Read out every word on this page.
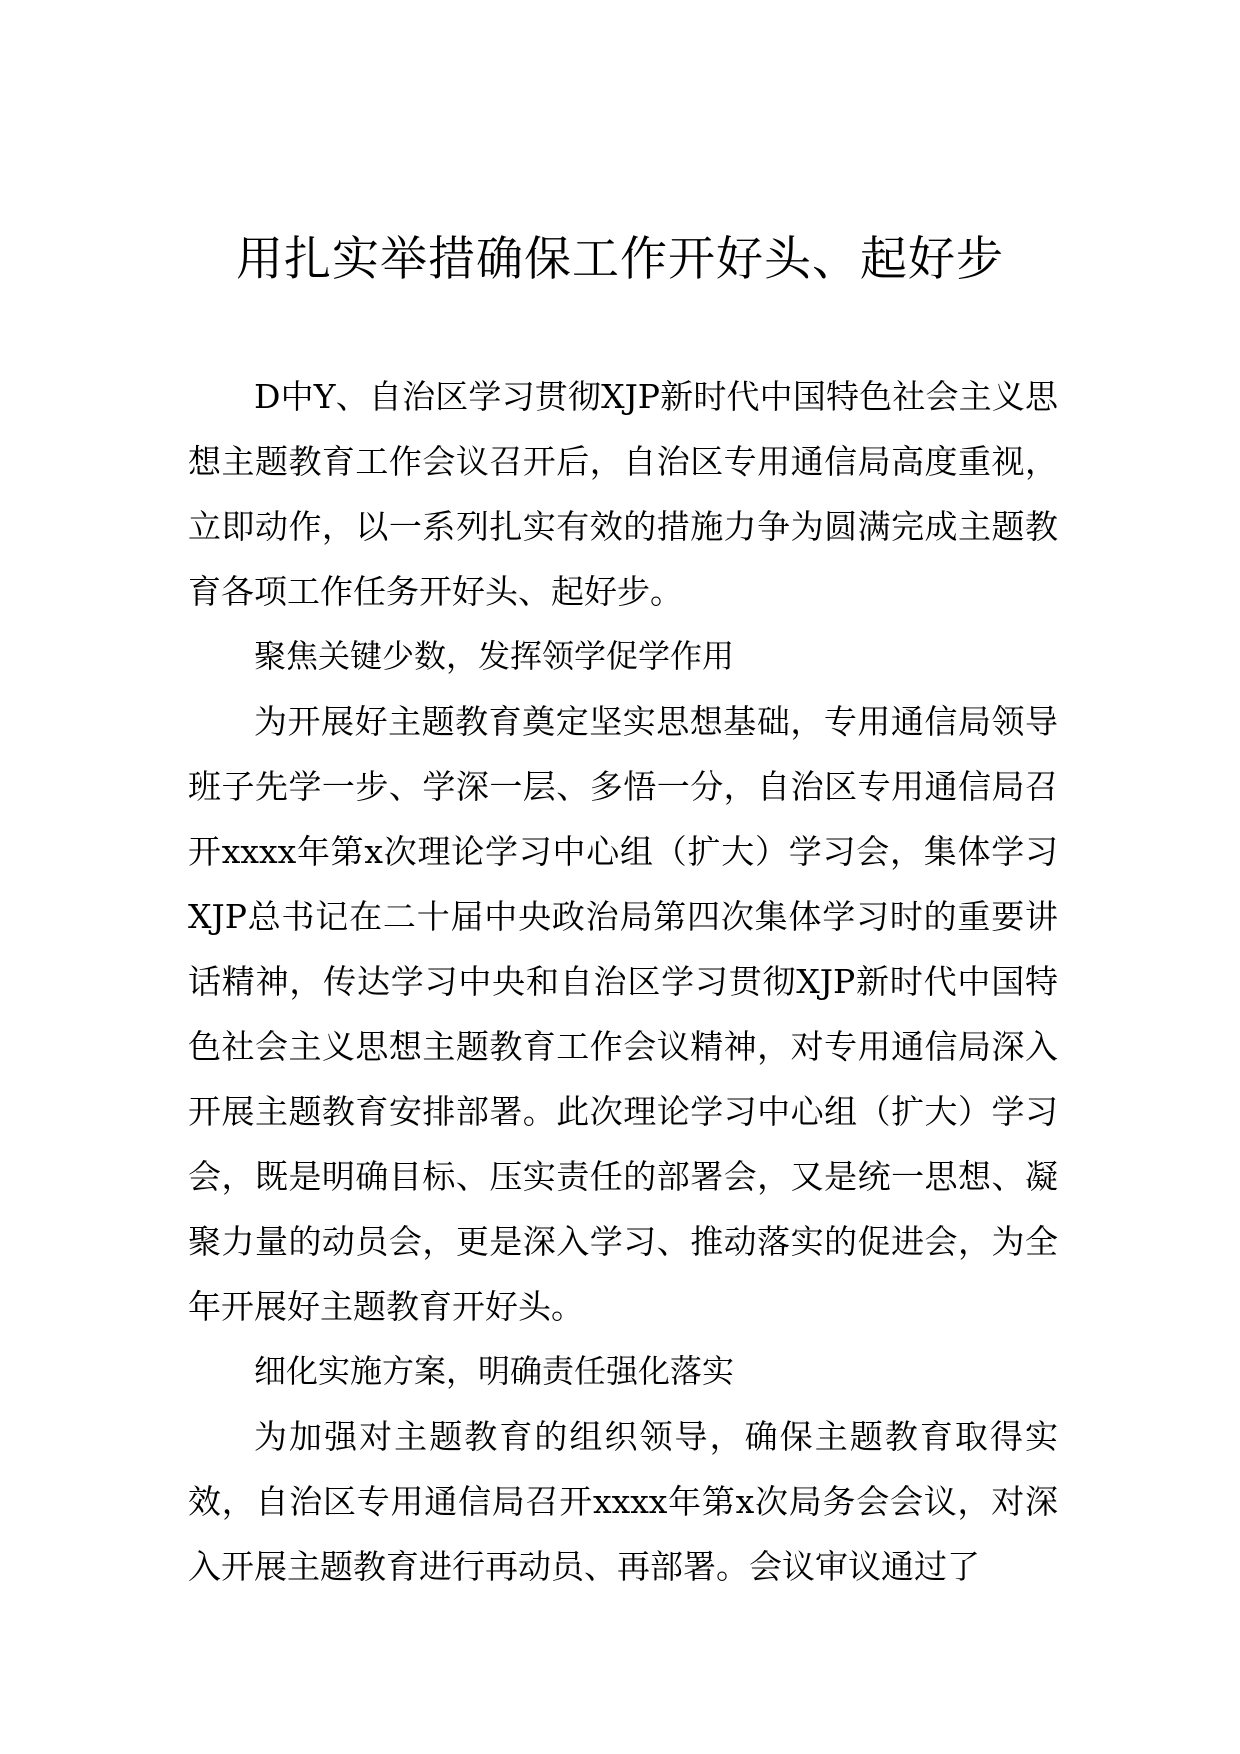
用扎实举措确保工作开好头、起好步

D中Y、自治区学习贯彻XJP新时代中国特色社会主义思想主题教育工作会议召开后，自治区专用通信局高度重视，立即动作，以一系列扎实有效的措施力争为圆满完成主题教育各项工作任务开好头、起好步。

聚焦关键少数，发挥领学促学作用

为开展好主题教育奠定坚实思想基础，专用通信局领导班子先学一步、学深一层、多悟一分，自治区专用通信局召开xxxx年第x次理论学习中心组（扩大）学习会，集体学习XJP总书记在二十届中央政治局第四次集体学习时的重要讲话精神，传达学习中央和自治区学习贯彻XJP新时代中国特色社会主义思想主题教育工作会议精神，对专用通信局深入开展主题教育安排部署。此次理论学习中心组（扩大）学习会，既是明确目标、压实责任的部署会，又是统一思想、凝聚力量的动员会，更是深入学习、推动落实的促进会，为全年开展好主题教育开好头。

细化实施方案，明确责任强化落实

为加强对主题教育的组织领导，确保主题教育取得实效，自治区专用通信局召开xxxx年第x次局务会会议，对深入开展主题教育进行再动员、再部署。会议审议通过了
